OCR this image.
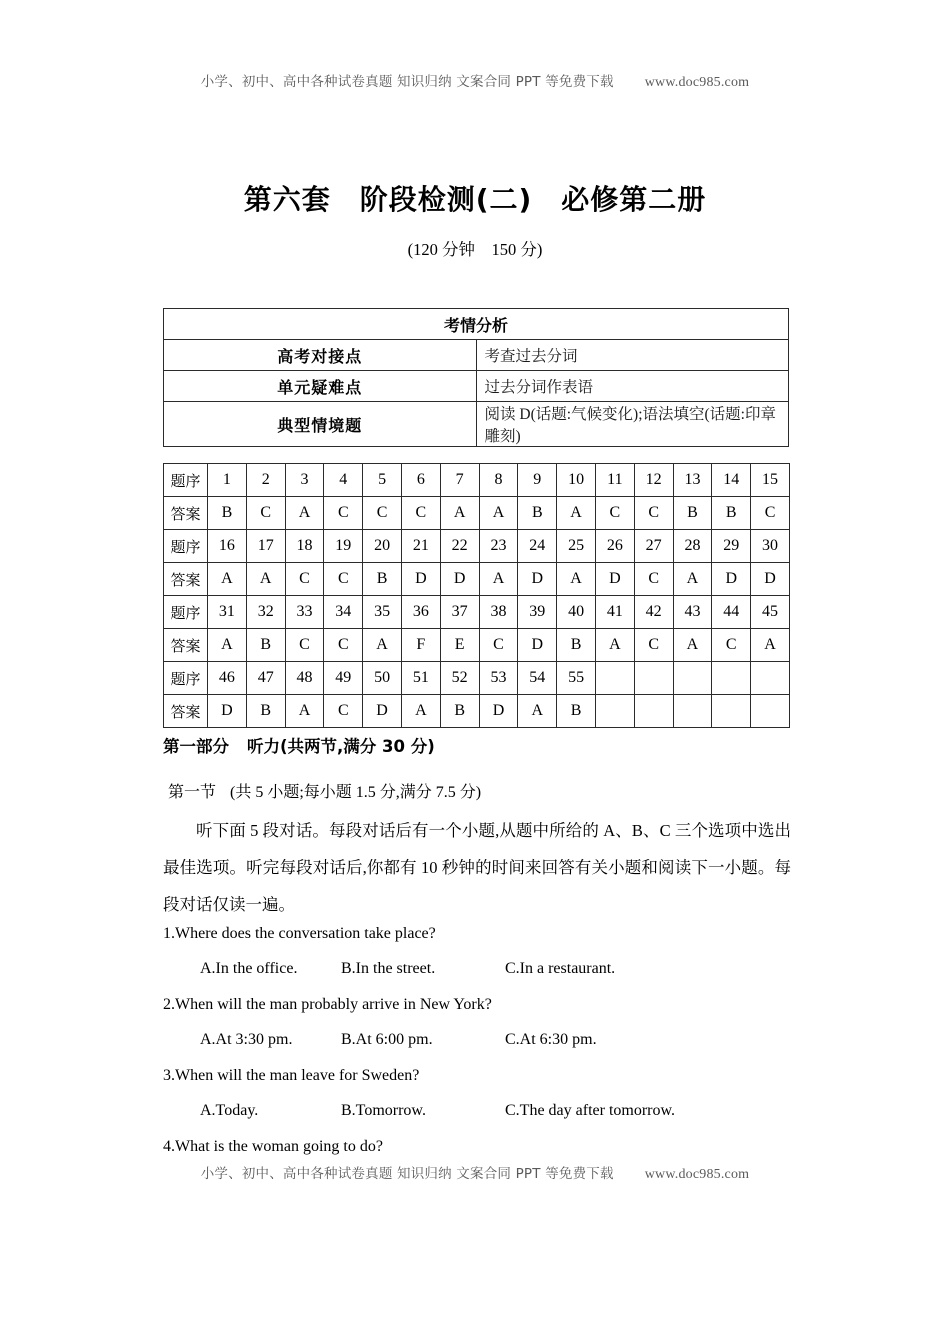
小学、初中、高中各种试卷真题 知识归纳 文案合同 PPT 等免费下载 www.doc985.com
第六套　阶段检测(二)　必修第二册
(120 分钟　150 分)
考情分析	
高考对接点	考查过去分词
单元疑难点	过去分词作表语
典型情境题	阅读 D(话题:气候变化);语法填空(话题:印章雕刻)
题序	1	2	3	4	5	6	7	8	9	10	11	12	13	14	15
答案	B	C	A	C	C	C	A	A	B	A	C	C	B	B	C
题序	16	17	18	19	20	21	22	23	24	25	26	27	28	29	30
答案	A	A	C	C	B	D	D	A	D	A	D	C	A	D	D
题序	31	32	33	34	35	36	37	38	39	40	41	42	43	44	45
答案	A	B	C	C	A	F	E	C	D	B	A	C	A	C	A
题序	46	47	48	49	50	51	52	53	54	55					
答案	D	B	A	C	D	A	B	D	A	B					
第一部分 听力(共两节,满分 30 分)
第一节 (共 5 小题;每小题 1.5 分,满分 7.5 分)
听下面 5 段对话。每段对话后有一个小题,从题中所给的 A、B、C 三个选项中选出最佳选项。听完每段对话后,你都有 10 秒钟的时间来回答有关小题和阅读下一小题。每段对话仅读一遍。
1.Where does the conversation take place?
A.In the office.	B.In the street.	C.In a restaurant.
2.When will the man probably arrive in New York?
A.At 3:30 pm.	B.At 6:00 pm.	C.At 6:30 pm.
3.When will the man leave for Sweden?
A.Today.	B.Tomorrow.	C.The day after tomorrow.
4.What is the woman going to do?
小学、初中、高中各种试卷真题 知识归纳 文案合同 PPT 等免费下载 www.doc985.com
